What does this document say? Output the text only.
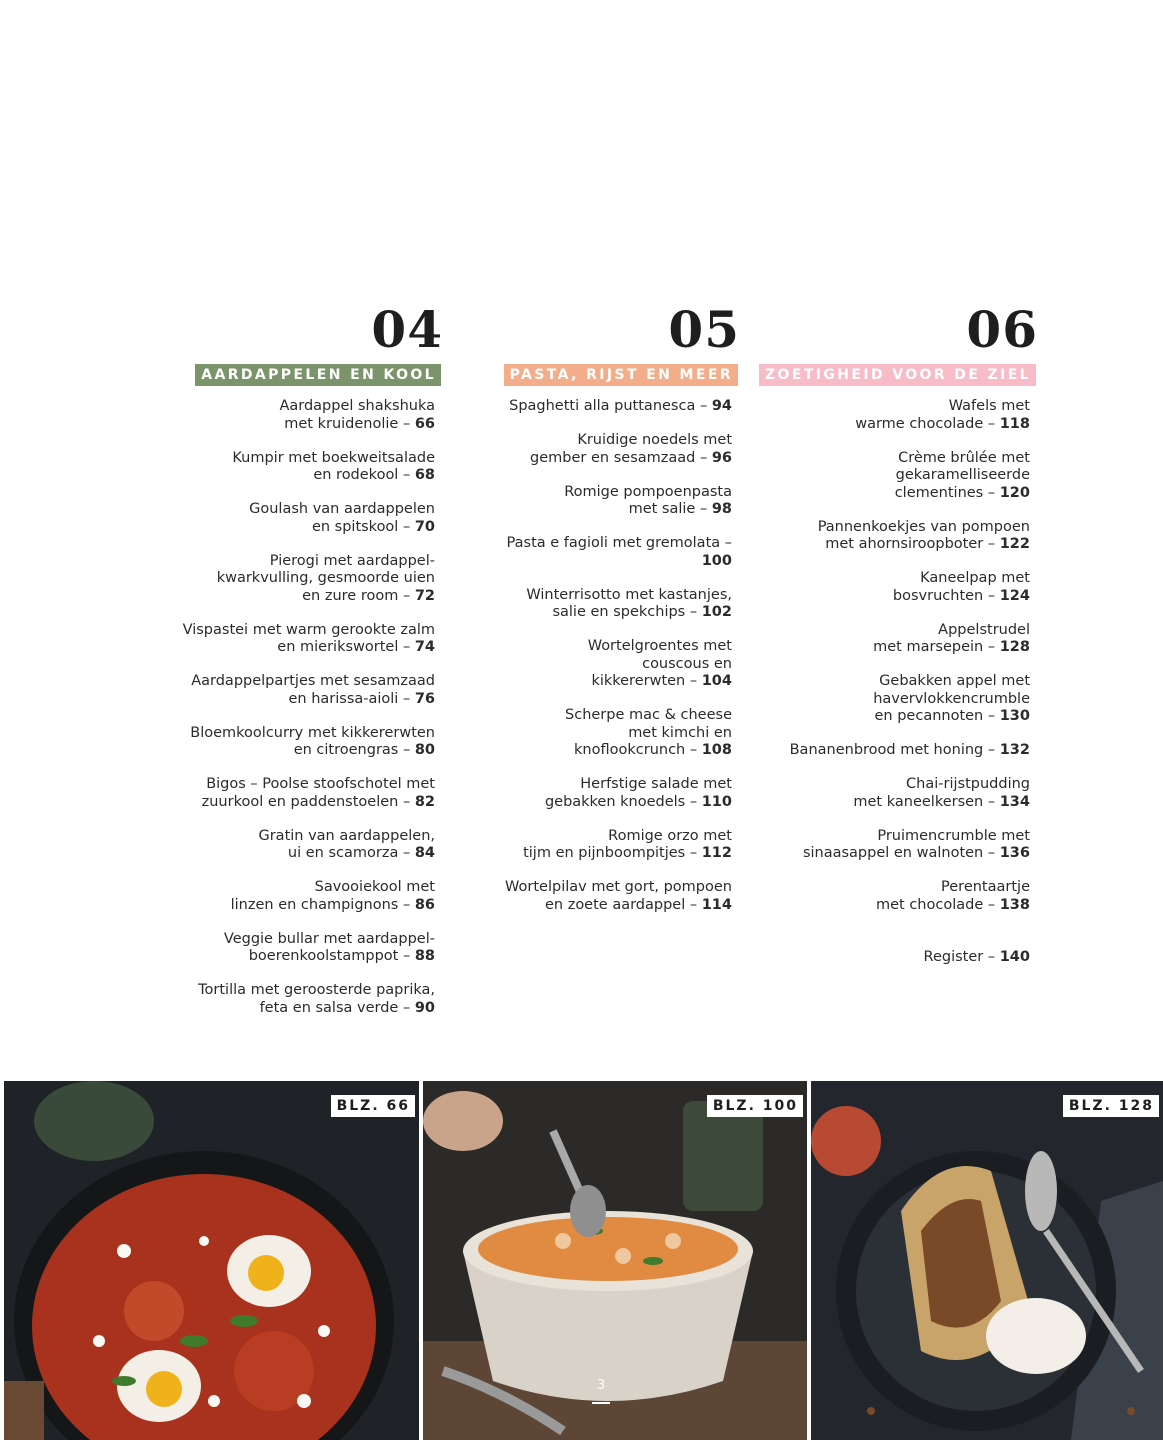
04
AARDAPPELEN EN KOOL
Aardappel shakshuka
met kruidenolie – 66
Kumpir met boekweitsalade
en rodekool – 68
Goulash van aardappelen
en spitskool – 70
Pierogi met aardappel-
kwarkvulling, gesmoorde uien
en zure room – 72
Vispastei met warm gerookte zalm
en mierikswortel – 74
Aardappelpartjes met sesamzaad
en harissa-aioli – 76
Bloemkoolcurry met kikkererwten
en citroengras – 80
Bigos – Poolse stoofschotel met
zuurkool en paddenstoelen – 82
Gratin van aardappelen,
ui en scamorza – 84
Savooiekool met
linzen en champignons – 86
Veggie bullar met aardappel-
boerenkoolstamppot – 88
Tortilla met geroosterde paprika,
feta en salsa verde – 90
05
PASTA, RIJST EN MEER
Spaghetti alla puttanesca – 94
Kruidige noedels met
gember en sesamzaad – 96
Romige pompoenpasta
met salie – 98
Pasta e fagioli met gremolata –
100
Winterrisotto met kastanjes,
salie en spekchips – 102
Wortelgroentes met
couscous en
kikkererwten – 104
Scherpe mac & cheese
met kimchi en
knoflookcrunch – 108
Herfstige salade met
gebakken knoedels – 110
Romige orzo met
tijm en pijnboompitjes – 112
Wortelpilav met gort, pompoen
en zoete aardappel – 114
06
ZOETIGHEID VOOR DE ZIEL
Wafels met
warme chocolade – 118
Crème brûlée met
gekaramelliseerde
clementines – 120
Pannenkoekjes van pompoen
met ahornsiroopboter – 122
Kaneelpap met
bosvruchten – 124
Appelstrudel
met marsepein – 128
Gebakken appel met
havervlokkencrumble
en pecannoten – 130
Bananenbrood met honing – 132
Chai-rijstpudding
met kaneelkersen – 134
Pruimencrumble met
sinaasappel en walnoten – 136
Perentaartje
met chocolade – 138
Register – 140
BLZ. 66	BLZ. 100	BLZ. 128
3
